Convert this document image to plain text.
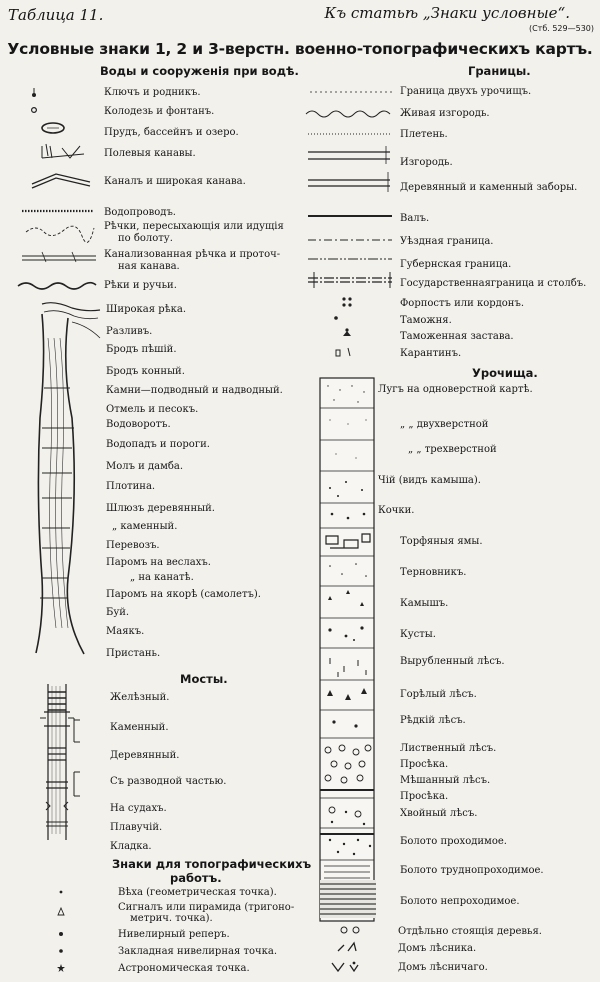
Таблица 11.	Къ статьѣ „Знаки условные“.
(Стб. 529—530)
Условные знаки 1, 2 и 3-верстн. военно-топографическихъ картъ.
Воды и сооруженія при водѣ.
Ключъ и родникъ.
Колодезь и фонтанъ.
Прудъ, бассейнъ и озеро.
Полевыя канавы.
Каналъ и широкая канава.
Водопроводъ.
Рѣчки, пересыхающія или идущія
по болоту.
Канализованная рѣчка и проточ-
ная канава.
Рѣки и ручьи.
Широкая рѣка.
Разливъ.
Бродъ пѣшій.
Бродъ конный.
Камни—подводный и надводный.
Отмель и песокъ.
Водоворотъ.
Водопадъ и пороги.
Молъ и дамба.
Плотина.
Шлюзъ деревянный.
„ каменный.
Перевозъ.
Паромъ на веслахъ.
„ на канатѣ.
Паромъ на якорѣ (самолетъ).
Буй.
Маякъ.
Пристань.
Мосты.
Желѣзный.
Каменный.
Деревянный.
Съ разводной частью.
На судахъ.
Плавучій.
Кладка.
Знаки для топографическихъ
работъ.
Вѣха (геометрическая точка).
Сигналъ или пирамида (тригоно-
метрич. точка).
Нивелирный реперъ.
Закладная нивелирная точка.
Астрономическая точка.
Границы.
Граница двухъ урочищъ.
Живая изгородь.
Плетень.
Изгородь.
Деревянный и каменный заборы.
Валъ.
Уѣздная граница.
Губернская граница.
Государственнаяграница и столбъ.
Форпостъ или кордонъ.
Таможня.
Таможенная застава.
Карантинъ.
Урочища.
Лугъ на одноверстной картѣ.
„ „ двухверстной
„ „ трехверстной
Чій (видъ камыша).
Кочки.
Торфяныя ямы.
Терновникъ.
Камышъ.
Кусты.
Вырубленный лѣсъ.
Горѣлый лѣсъ.
Рѣдкій лѣсъ.
Лиственный лѣсъ.
Просѣка.
Мѣшанный лѣсъ.
Просѣка.
Хвойный лѣсъ.
Болото проходимое.
Болото труднопроходимое.
Болото непроходимое.
Отдѣльно стоящія деревья.
Домъ лѣсника.
Домъ лѣсничаго.
